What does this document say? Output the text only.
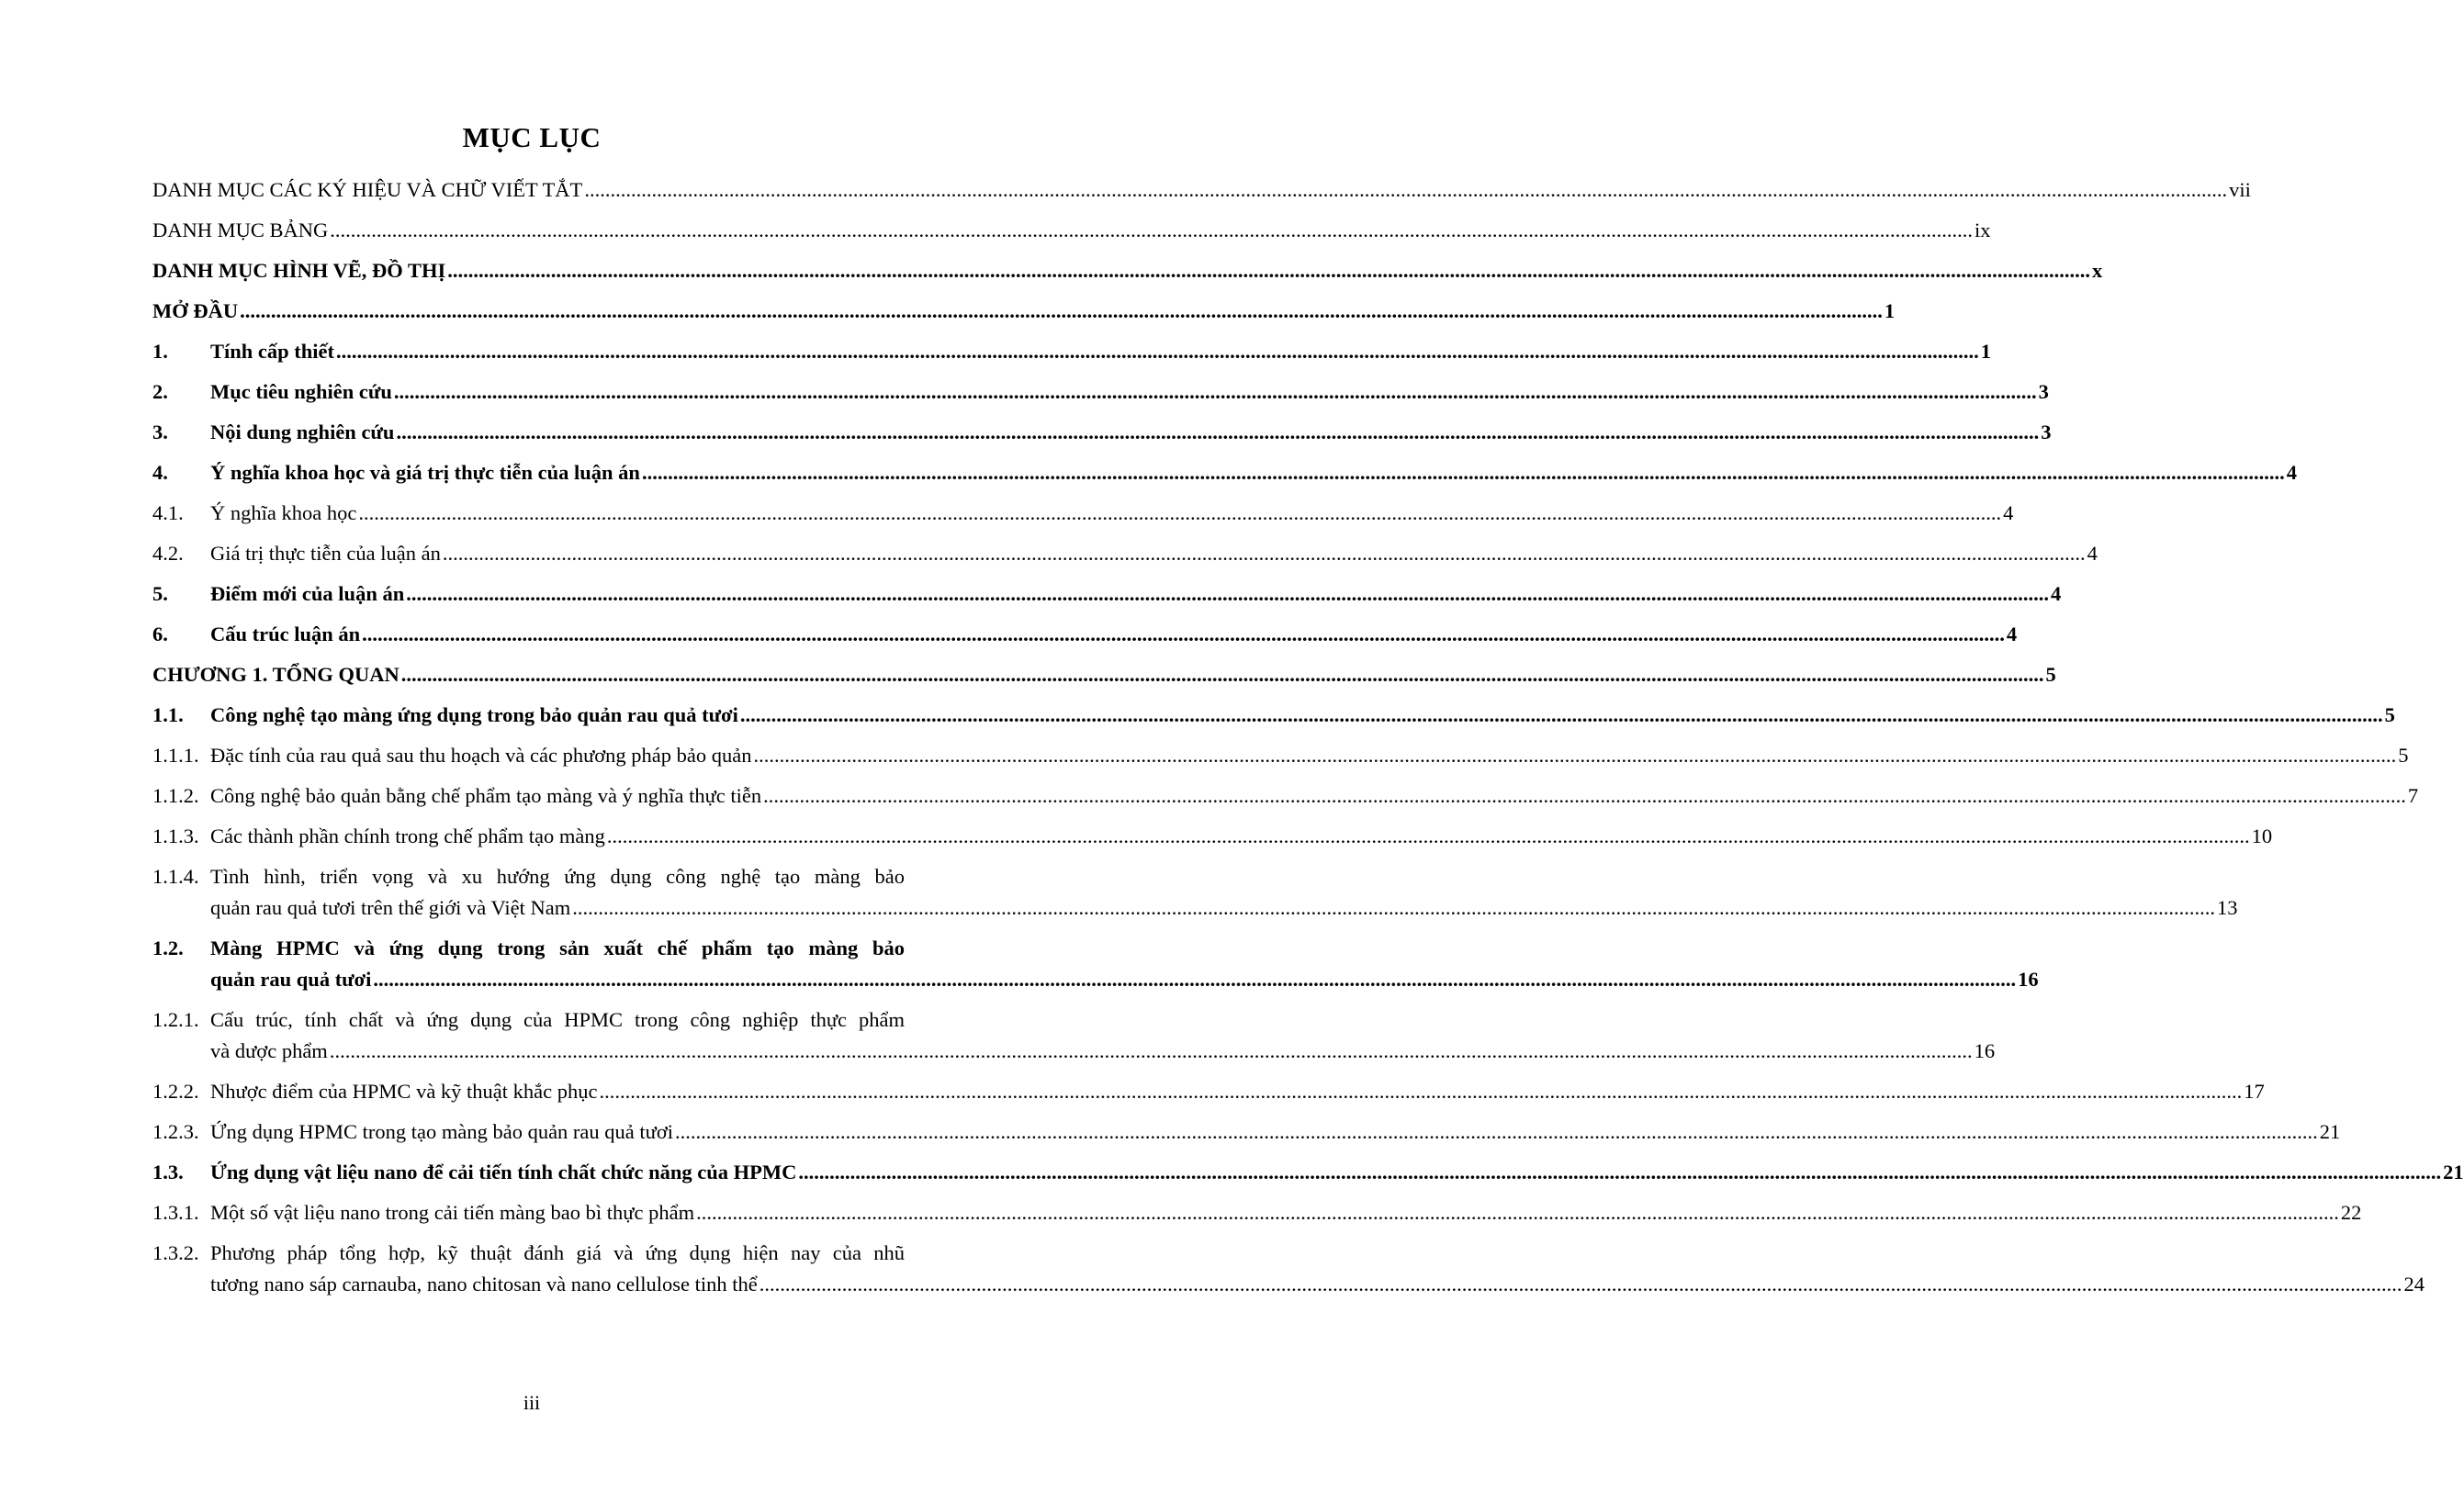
MỤC LỤC
DANH MỤC CÁC KÝ HIỆU VÀ CHỮ VIẾT TẮT .....	vii
DANH MỤC BẢNG .....	ix
DANH MỤC HÌNH VẼ, ĐỒ THỊ .....	x
MỞ ĐẦU .....	1
1.	Tính cấp thiết .....	1
2.	Mục tiêu nghiên cứu .....	3
3.	Nội dung nghiên cứu .....	3
4.	Ý nghĩa khoa học và giá trị thực tiễn của luận án .....	4
4.1.	Ý nghĩa khoa học .....	4
4.2.	Giá trị thực tiễn của luận án .....	4
5.	Điểm mới của luận án .....	4
6.	Cấu trúc luận án .....	4
CHƯƠNG 1. TỔNG QUAN .....	5
1.1.	Công nghệ tạo màng ứng dụng trong bảo quản rau quả tươi .....	5
1.1.1. Đặc tính của rau quả sau thu hoạch và các phương pháp bảo quản .....	5
1.1.2. Công nghệ bảo quản bằng chế phẩm tạo màng và ý nghĩa thực tiễn .....	7
1.1.3. Các thành phần chính trong chế phẩm tạo màng .....	10
1.1.4. Tình hình, triển vọng và xu hướng ứng dụng công nghệ tạo màng bảo
quản rau quả tươi trên thế giới và Việt Nam .....	13
1.2.	Màng HPMC và ứng dụng trong sản xuất chế phẩm tạo màng bảo
quản rau quả tươi .....	16
1.2.1. Cấu trúc, tính chất và ứng dụng của HPMC trong công nghiệp thực phẩm
và dược phẩm .....	16
1.2.2. Nhược điểm của HPMC và kỹ thuật khắc phục .....	17
1.2.3. Ứng dụng HPMC trong tạo màng bảo quản rau quả tươi .....	21
1.3.	Ứng dụng vật liệu nano để cải tiến tính chất chức năng của HPMC .....	21
1.3.1. Một số vật liệu nano trong cải tiến màng bao bì thực phẩm .....	22
1.3.2. Phương pháp tổng hợp, kỹ thuật đánh giá và ứng dụng hiện nay của nhũ
tương nano sáp carnauba, nano chitosan và nano cellulose tinh thể .....	24
iii
